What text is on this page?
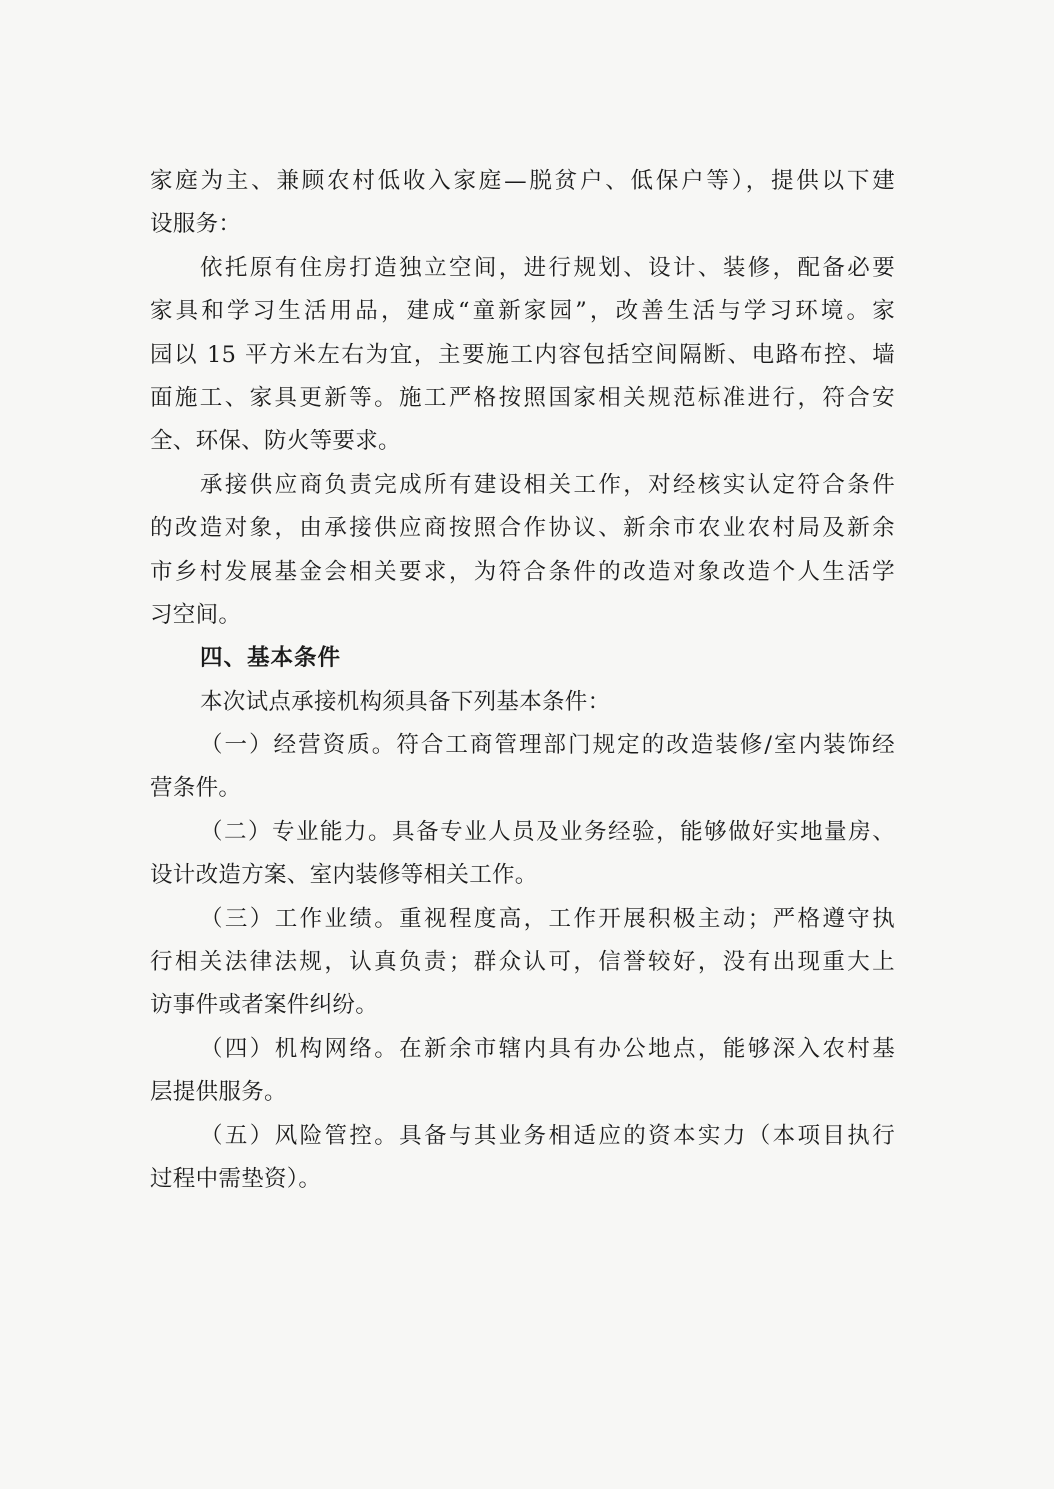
家庭为主、兼顾农村低收入家庭—脱贫户、低保户等），提供以下建
设服务：
依托原有住房打造独立空间，进行规划、设计、装修，配备必要
家具和学习生活用品，建成“童新家园”，改善生活与学习环境。家
园以 15 平方米左右为宜，主要施工内容包括空间隔断、电路布控、墙
面施工、家具更新等。施工严格按照国家相关规范标准进行，符合安
全、环保、防火等要求。
承接供应商负责完成所有建设相关工作，对经核实认定符合条件
的改造对象，由承接供应商按照合作协议、新余市农业农村局及新余
市乡村发展基金会相关要求，为符合条件的改造对象改造个人生活学
习空间。
四、基本条件
本次试点承接机构须具备下列基本条件：
（一）经营资质。符合工商管理部门规定的改造装修/室内装饰经
营条件。
（二）专业能力。具备专业人员及业务经验，能够做好实地量房、
设计改造方案、室内装修等相关工作。
（三）工作业绩。重视程度高，工作开展积极主动；严格遵守执
行相关法律法规，认真负责；群众认可，信誉较好，没有出现重大上
访事件或者案件纠纷。
（四）机构网络。在新余市辖内具有办公地点，能够深入农村基
层提供服务。
（五）风险管控。具备与其业务相适应的资本实力（本项目执行
过程中需垫资）。
